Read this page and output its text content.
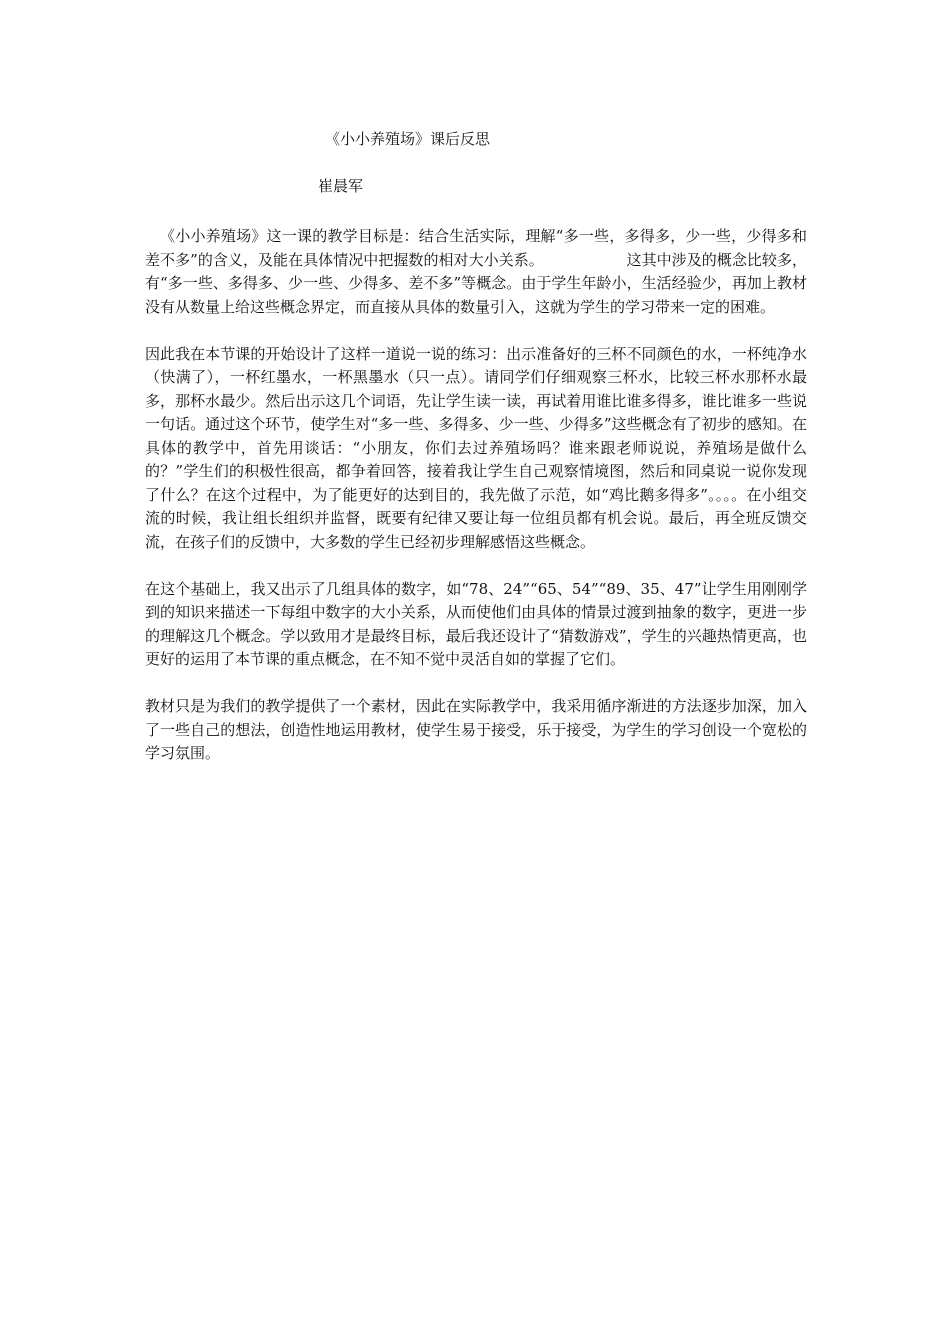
《小小养殖场》课后反思
崔晨军

《小小养殖场》这一课的教学目标是：结合生活实际，理解“多一些，多得多，少一些，少得多和差不多”的含义，及能在具体情况中把握数的相对大小关系。　　　　　　这其中涉及的概念比较多，有“多一些、多得多、少一些、少得多、差不多”等概念。由于学生年龄小，生活经验少，再加上教材没有从数量上给这些概念界定，而直接从具体的数量引入，这就为学生的学习带来一定的困难。

因此我在本节课的开始设计了这样一道说一说的练习：出示准备好的三杯不同颜色的水，一杯纯净水（快满了），一杯红墨水，一杯黑墨水（只一点）。请同学们仔细观察三杯水，比较三杯水那杯水最多，那杯水最少。然后出示这几个词语，先让学生读一读，再试着用谁比谁多得多，谁比谁多一些说一句话。通过这个环节，使学生对“多一些、多得多、少一些、少得多”这些概念有了初步的感知。在具体的教学中，首先用谈话：“小朋友，你们去过养殖场吗？谁来跟老师说说，养殖场是做什么的？”学生们的积极性很高，都争着回答，接着我让学生自己观察情境图，然后和同桌说一说你发现了什么？在这个过程中，为了能更好的达到目的，我先做了示范，如“鸡比鹅多得多”。。。。在小组交流的时候，我让组长组织并监督，既要有纪律又要让每一位组员都有机会说。最后，再全班反馈交流，在孩子们的反馈中，大多数的学生已经初步理解感悟这些概念。

在这个基础上，我又出示了几组具体的数字，如“78、24”“65、54”“89、35、47”让学生用刚刚学到的知识来描述一下每组中数字的大小关系，从而使他们由具体的情景过渡到抽象的数字，更进一步的理解这几个概念。学以致用才是最终目标，最后我还设计了“猜数游戏”，学生的兴趣热情更高，也更好的运用了本节课的重点概念，在不知不觉中灵活自如的掌握了它们。

教材只是为我们的教学提供了一个素材，因此在实际教学中，我采用循序渐进的方法逐步加深，加入了一些自己的想法，创造性地运用教材，使学生易于接受，乐于接受，为学生的学习创设一个宽松的学习氛围。
